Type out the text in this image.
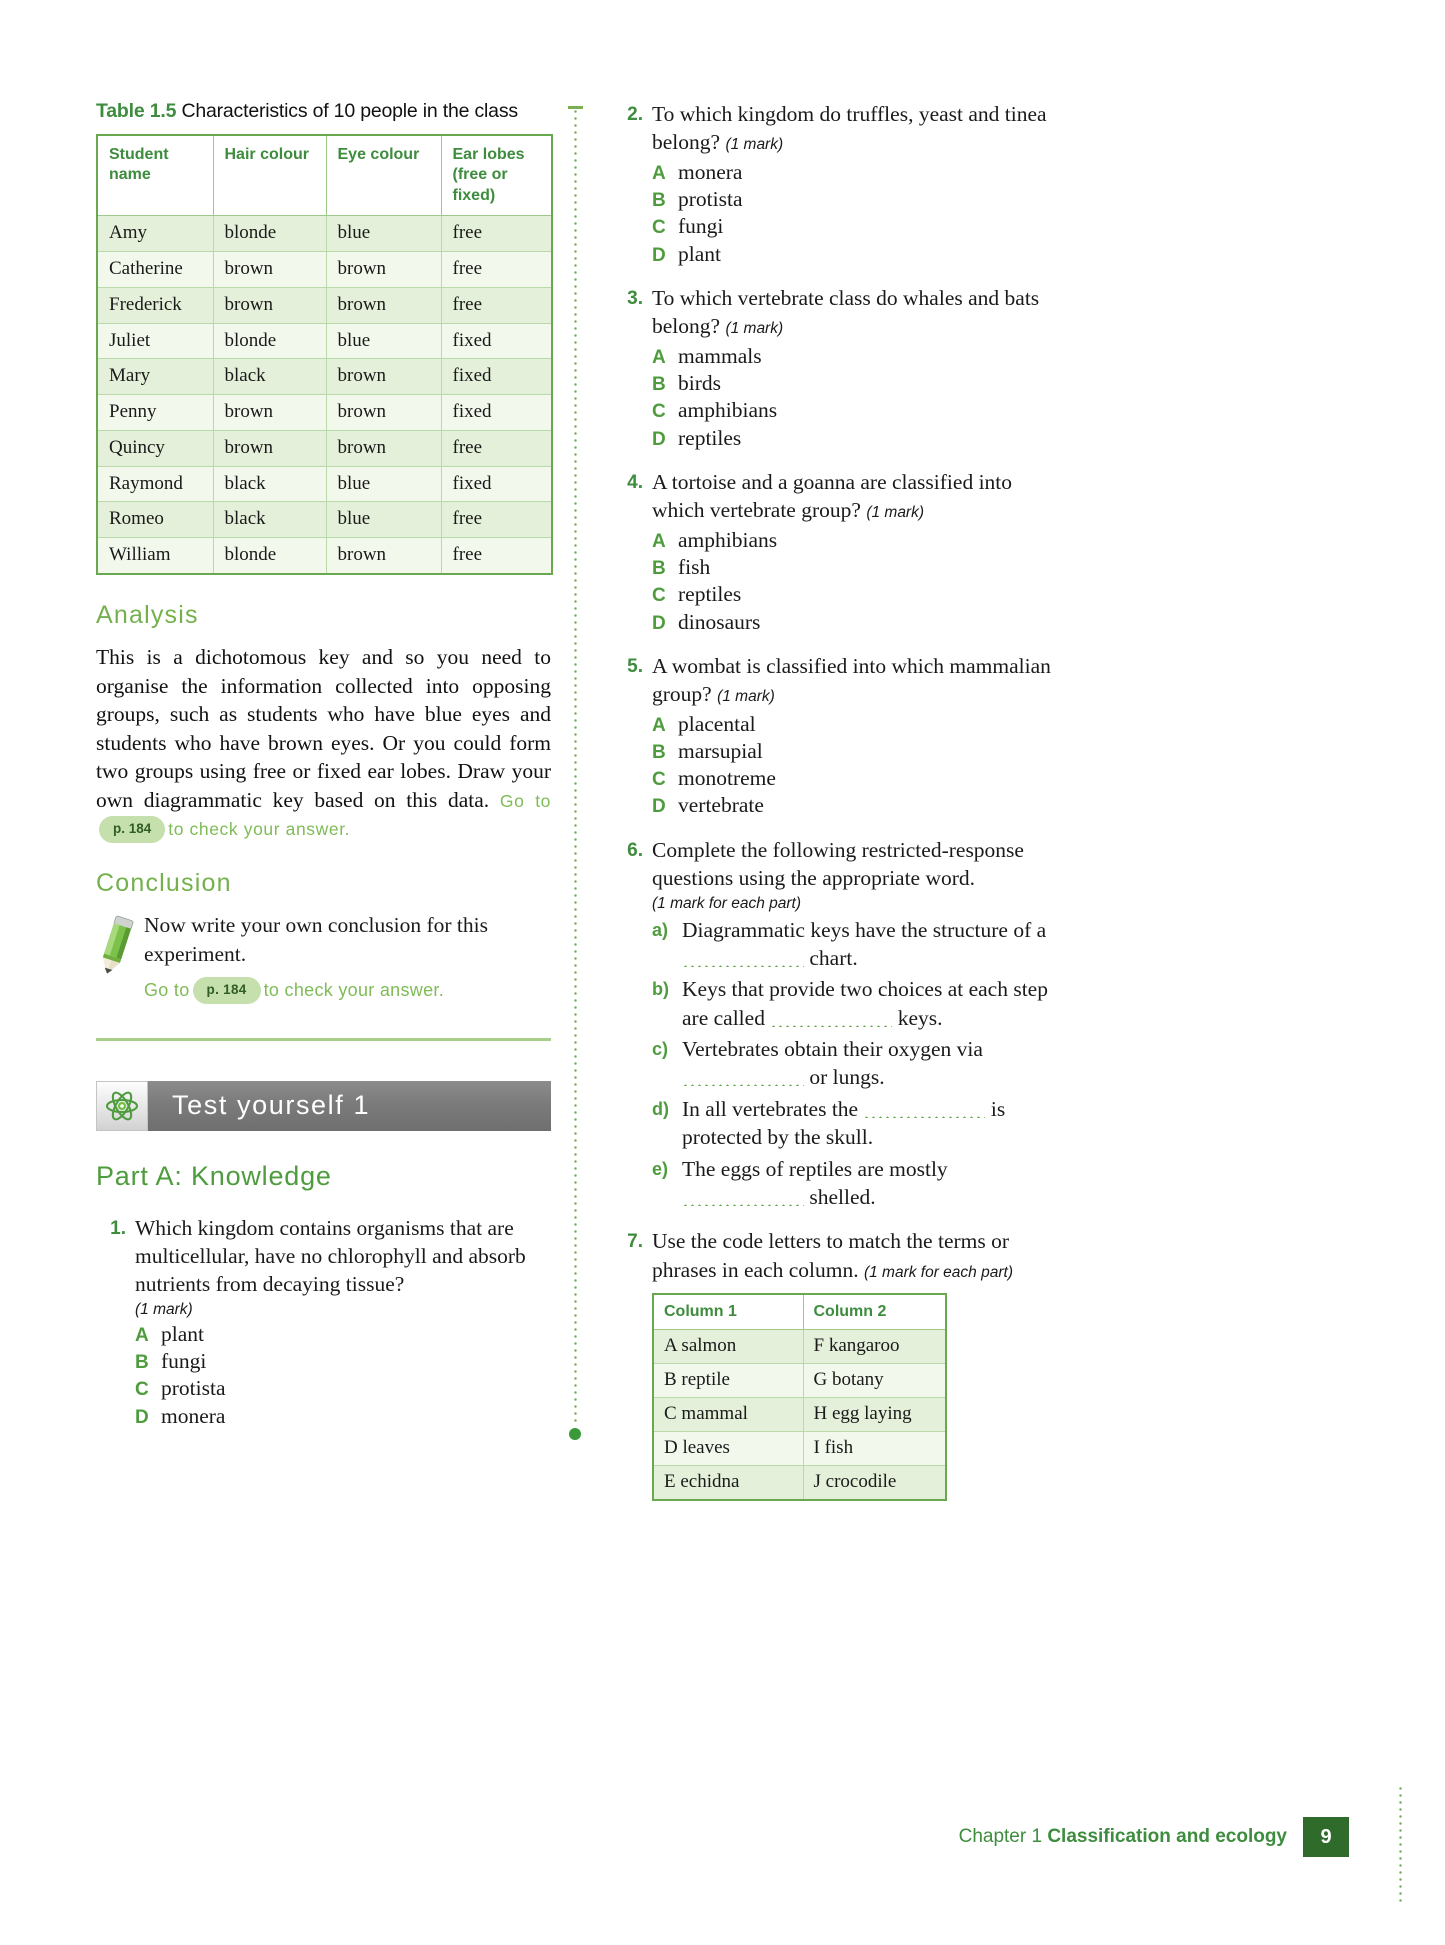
Table 1.5 Characteristics of 10 people in the class
Student name	Hair colour	Eye colour	Ear lobes (free or fixed)
Amy	blonde	blue	free
Catherine	brown	brown	free
Frederick	brown	brown	free
Juliet	blonde	blue	fixed
Mary	black	brown	fixed
Penny	brown	brown	fixed
Quincy	brown	brown	free
Raymond	black	blue	fixed
Romeo	black	blue	free
William	blonde	brown	free
Analysis
This is a dichotomous key and so you need to organise the information collected into opposing groups, such as students who have blue eyes and students who have brown eyes. Or you could form two groups using free or fixed ear lobes. Draw your own diagrammatic key based on this data. Go top. 184 to check your answer.
Conclusion
Now write your own conclusion for this experiment.
Go to p. 184 to check your answer.
Test yourself 1
Part A: Knowledge
1. Which kingdom contains organisms that are multicellular, have no chlorophyll and absorb nutrients from decaying tissue?
(1 mark)
A plant
B fungi
C protista
D monera
2. To which kingdom do truffles, yeast and tinea belong? (1 mark)
A monera
B protista
C fungi
D plant
3. To which vertebrate class do whales and bats belong? (1 mark)
A mammals
B birds
C amphibians
D reptiles
4. A tortoise and a goanna are classified into which vertebrate group? (1 mark)
A amphibians
B fish
C reptiles
D dinosaurs
5. A wombat is classified into which mammalian group? (1 mark)
A placental
B marsupial
C monotreme
D vertebrate
6. Complete the following restricted-response questions using the appropriate word.
(1 mark for each part)
a) Diagrammatic keys have the structure of a  chart.
b) Keys that provide two choices at each step are called	keys.
c) Vertebrates obtain their oxygen via  or lungs.
d) In all vertebrates the	is protected by the skull.
e) The eggs of reptiles are mostly  shelled.
7. Use the code letters to match the terms or phrases in each column. (1 mark for each part)
Column 1	Column 2
A salmon	F kangaroo
B reptile	G botany
C mammal	H egg laying
D leaves	I fish
E echidna	J crocodile
Chapter 1 Classification and ecology	9
